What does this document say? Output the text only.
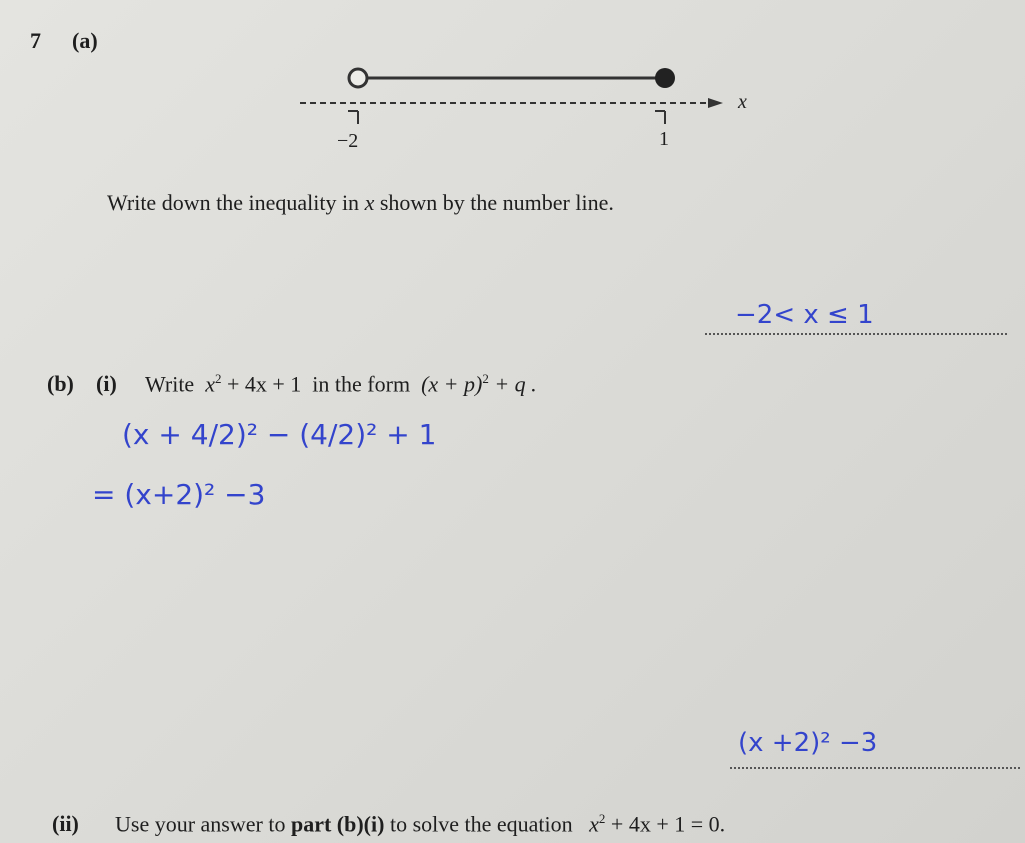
7 (a)
−2	1
x
Write down the inequality in x shown by the number line.
−2< x ≤ 1
(b) (i) Write $x^2 + 4x + 1$ in the form $(x + p)^2 + q$ .
(x + 4/2)² − (4/2)² + 1
= (x+2)² −3
(x +2)² −3
(ii) Use your answer to part (b)(i) to solve the equation $x^2 + 4x + 1 = 0$.
